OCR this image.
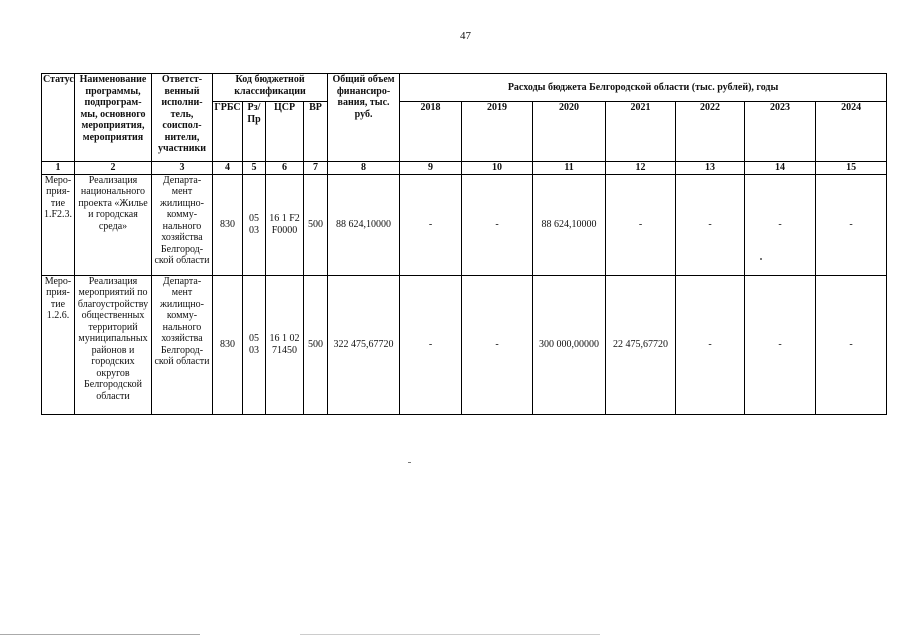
47
Статус	Наименование программы, подпрограм-мы, основного мероприятия, мероприятия	Ответст-венный исполни-тель, соиспол-нители, участники	Код бюджетной классификации				Общий объем финансиро-вания, тыс. руб.	Расходы бюджета Белгородской области (тыс. рублей), годы						
			ГРБС	Рз/ Пр	ЦСР	ВР		2018	2019	2020	2021	2022	2023	2024
1	2	3	4	5	6	7	8	9	10	11	12	13	14	15
Меро-прия-тие 1.F2.3.	Реализация национального проекта «Жилье и городская среда»	Департа-мент жилищно-комму-нального хозяйства Белгород-ской области	830	05 03	16 1 F2 F0000	500	88 624,10000	-	-	88 624,10000	-	-	-	-
Меро-прия-тие 1.2.6.	Реализация мероприятий по благоустройству общественных территорий муниципальных районов и городских округов Белгородской области	Департа-мент жилищно-комму-нального хозяйства Белгород-ской области	830	05 03	16 1 02 71450	500	322 475,67720	-	-	300 000,00000	22 475,67720	-	-	-
